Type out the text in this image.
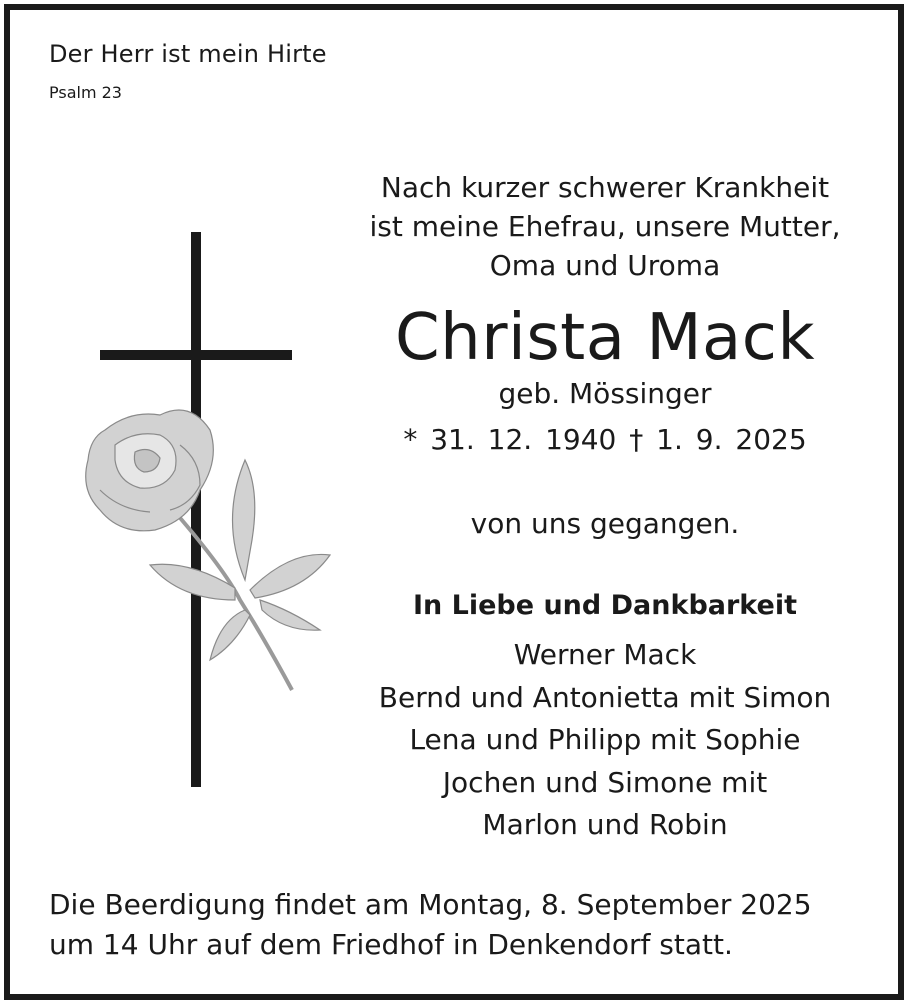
Der Herr ist mein Hirte
Psalm 23
Nach kurzer schwerer Krankheit
ist meine Ehefrau, unsere Mutter,
Oma und Uroma
Christa Mack
geb. Mössinger
* 31. 12. 1940 † 1. 9. 2025
von uns gegangen.
In Liebe und Dankbarkeit
Werner Mack
Bernd und Antonietta mit Simon
Lena und Philipp mit Sophie
Jochen und Simone mit
Marlon und Robin
Die Beerdigung findet am Montag, 8. September 2025
um 14 Uhr auf dem Friedhof in Denkendorf statt.
